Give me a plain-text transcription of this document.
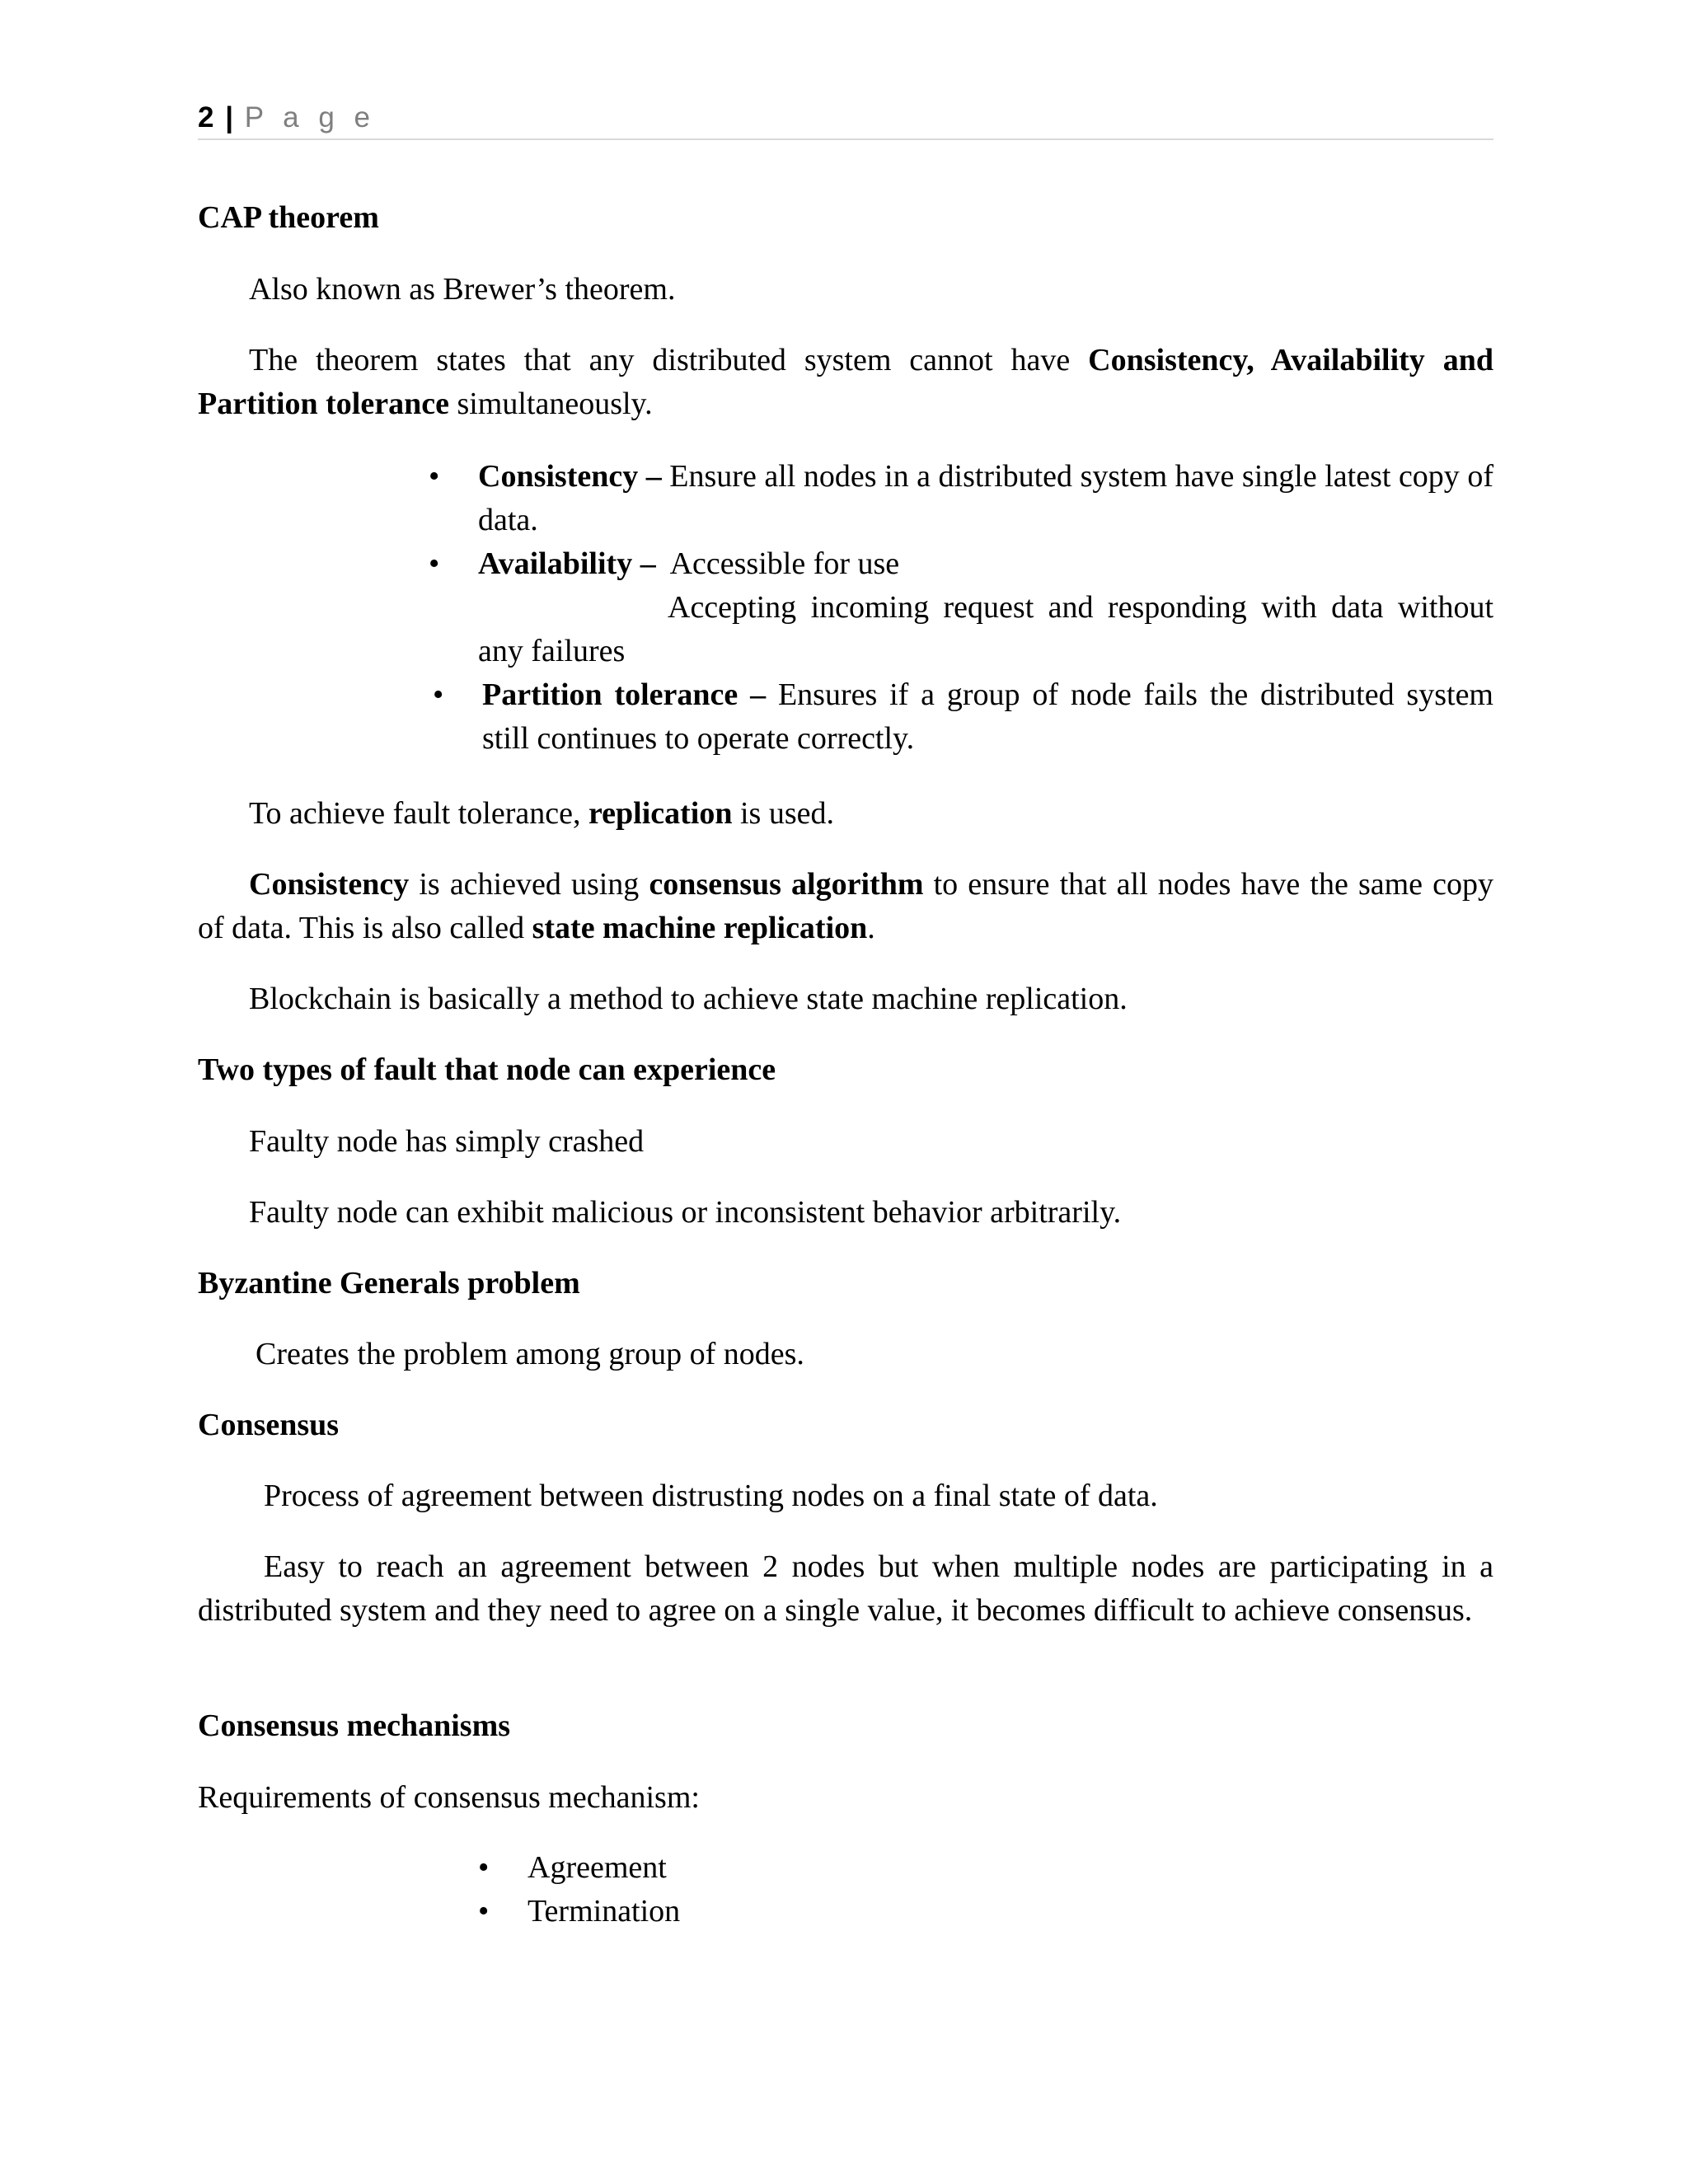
2 | P a g e

CAP theorem

Also known as Brewer’s theorem.

The theorem states that any distributed system cannot have Consistency, Availability and Partition tolerance simultaneously.

• Consistency – Ensure all nodes in a distributed system have single latest copy of data.
• Availability –  Accessible for use
Accepting incoming request and responding with data without any failures
• Partition tolerance – Ensures if a group of node fails the distributed system still continues to operate correctly.

To achieve fault tolerance, replication is used.

Consistency is achieved using consensus algorithm to ensure that all nodes have the same copy of data. This is also called state machine replication.

Blockchain is basically a method to achieve state machine replication.

Two types of fault that node can experience

Faulty node has simply crashed

Faulty node can exhibit malicious or inconsistent behavior arbitrarily.

Byzantine Generals problem

Creates the problem among group of nodes.

Consensus

Process of agreement between distrusting nodes on a final state of data.

Easy to reach an agreement between 2 nodes but when multiple nodes are participating in a distributed system and they need to agree on a single value, it becomes difficult to achieve consensus.

Consensus mechanisms

Requirements of consensus mechanism:

• Agreement
• Termination
